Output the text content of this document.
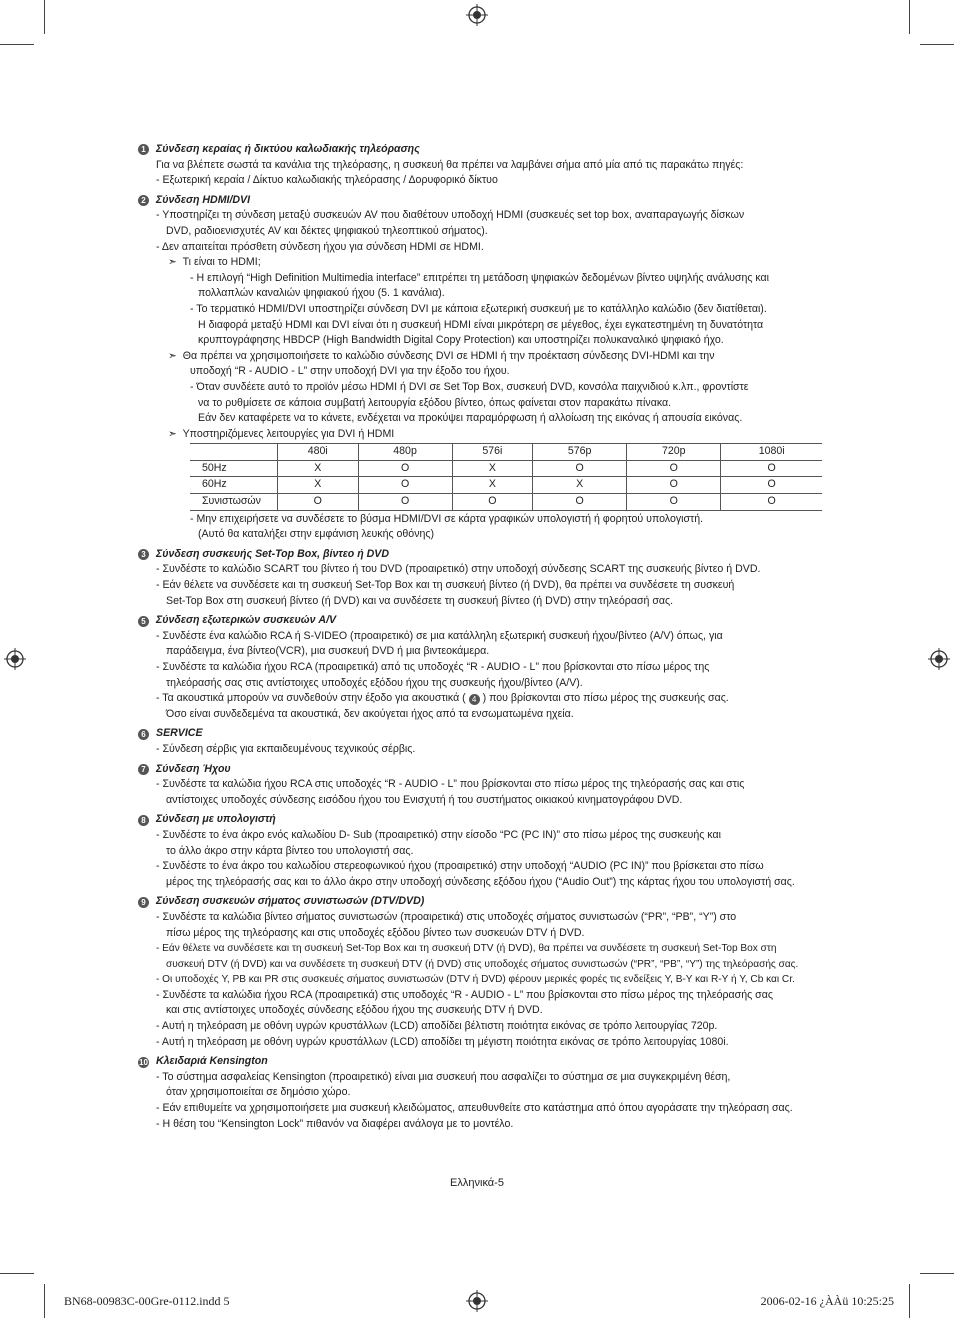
1 Σύνδεση κεραίας ή δικτύου καλωδιακής τηλεόρασης
Για να βλέπετε σωστά τα κανάλια της τηλεόρασης, η συσκευή θα πρέπει να λαμβάνει σήμα από μία από τις παρακάτω πηγές:
- Εξωτερική κεραία / Δίκτυο καλωδιακής τηλεόρασης / Δορυφορικό δίκτυο
2 Σύνδεση HDMI/DVI
- Υποστηρίζει τη σύνδεση μεταξύ συσκευών AV που διαθέτουν υποδοχή HDMI (συσκευές set top box, αναπαραγωγής δίσκων
DVD, ραδιοενισχυτές AV και δέκτες ψηφιακού τηλεοπτικού σήματος).
- Δεν απαιτείται πρόσθετη σύνδεση ήχου για σύνδεση HDMI σε HDMI.
➣ Τι είναι το HDMI;
- Η επιλογή “High Definition Multimedia interface” επιτρέπει τη μετάδοση ψηφιακών δεδομένων βίντεο υψηλής ανάλυσης και
πολλαπλών καναλιών ψηφιακού ήχου (5. 1 κανάλια).
- Το τερματικό HDMI/DVI υποστηρίζει σύνδεση DVI με κάποια εξωτερική συσκευή με το κατάλληλο καλώδιο (δεν διατίθεται).
Η διαφορά μεταξύ HDMI και DVI είναι ότι η συσκευή HDMI είναι μικρότερη σε μέγεθος, έχει εγκατεστημένη τη δυνατότητα
κρυπτογράφησης HBDCP (High Bandwidth Digital Copy Protection) και υποστηρίζει πολυκαναλικό ψηφιακό ήχο.
➣ Θα πρέπει να χρησιμοποιήσετε το καλώδιο σύνδεσης DVI σε HDMI ή την προέκταση σύνδεσης DVI-HDMI και την
υποδοχή “R - AUDIO - L” στην υποδοχή DVI για την έξοδο του ήχου.
- Όταν συνδέετε αυτό το προϊόν μέσω HDMI ή DVI σε Set Top Box, συσκευή DVD, κονσόλα παιχνιδιού κ.λπ., φροντίστε
να το ρυθμίσετε σε κάποια συμβατή λειτουργία εξόδου βίντεο, όπως φαίνεται στον παρακάτω πίνακα.
Εάν δεν καταφέρετε να το κάνετε, ενδέχεται να προκύψει παραμόρφωση ή αλλοίωση της εικόνας ή απουσία εικόνας.
➣ Υποστηριζόμενες λειτουργίες για DVI ή HDMI
	480i	480p	576i	576p	720p	1080i
50Hz	X	O	X	O	O	O
60Hz	X	O	X	X	O	O
Συνιστωσών	O	O	O	O	O	O
- Μην επιχειρήσετε να συνδέσετε το βύσμα HDMI/DVI σε κάρτα γραφικών υπολογιστή ή φορητού υπολογιστή.
(Αυτό θα καταλήξει στην εμφάνιση λευκής οθόνης)
3 Σύνδεση συσκευής Set-Top Box, βίντεο ή DVD
- Συνδέστε το καλώδιο SCART του βίντεο ή του DVD (προαιρετικό) στην υποδοχή σύνδεσης SCART της συσκευής βίντεο ή DVD.
- Εάν θέλετε να συνδέσετε και τη συσκευή Set-Top Box και τη συσκευή βίντεο (ή DVD), θα πρέπει να συνδέσετε τη συσκευή
Set-Top Box στη συσκευή βίντεο (ή DVD) και να συνδέσετε τη συσκευή βίντεο (ή DVD) στην τηλεόρασή σας.
5 Σύνδεση εξωτερικών συσκευών A/V
- Συνδέστε ένα καλώδιο RCA ή S-VIDEO (προαιρετικό) σε μια κατάλληλη εξωτερική συσκευή ήχου/βίντεο (A/V) όπως, για
παράδειγμα, ένα βίντεο(VCR), μια συσκευή DVD ή μια βιντεοκάμερα.
- Συνδέστε τα καλώδια ήχου RCA (προαιρετικά) από τις υποδοχές “R - AUDIO - L” που βρίσκονται στο πίσω μέρος της
τηλεόρασής σας στις αντίστοιχες υποδοχές εξόδου ήχου της συσκευής ήχου/βίντεο (A/V).
- Τα ακουστικά μπορούν να συνδεθούν στην έξοδο για ακουστικά ( 4 ) που βρίσκονται στο πίσω μέρος της συσκευής σας.
Όσο είναι συνδεδεμένα τα ακουστικά, δεν ακούγεται ήχος από τα ενσωματωμένα ηχεία.
6 SERVICE
- Σύνδεση σέρβις για εκπαιδευμένους τεχνικούς σέρβις.
7 Σύνδεση Ήχου
- Συνδέστε τα καλώδια ήχου RCA στις υποδοχές “R - AUDIO - L” που βρίσκονται στο πίσω μέρος της τηλεόρασής σας και στις
αντίστοιχες υποδοχές σύνδεσης εισόδου ήχου του Ενισχυτή ή του συστήματος οικιακού κινηματογράφου DVD.
8 Σύνδεση με υπολογιστή
- Συνδέστε το ένα άκρο ενός καλωδίου D- Sub (προαιρετικό) στην είσοδο “PC (PC IN)” στο πίσω μέρος της συσκευής και
το άλλο άκρο στην κάρτα βίντεο του υπολογιστή σας.
- Συνδέστε το ένα άκρο του καλωδίου στερεοφωνικού ήχου (προαιρετικό) στην υποδοχή “AUDIO (PC IN)” που βρίσκεται στο πίσω
μέρος της τηλεόρασής σας και το άλλο άκρο στην υποδοχή σύνδεσης εξόδου ήχου (“Audio Out”) της κάρτας ήχου του υπολογιστή σας.
9 Σύνδεση συσκευών σήματος συνιστωσών (DTV/DVD)
- Συνδέστε τα καλώδια βίντεο σήματος συνιστωσών (προαιρετικά) στις υποδοχές σήματος συνιστωσών (“PR”, “PB”, “Y”) στο
πίσω μέρος της τηλεόρασης και στις υποδοχές εξόδου βίντεο των συσκευών DTV ή DVD.
- Εάν θέλετε να συνδέσετε και τη συσκευή Set-Top Box και τη συσκευή DTV (ή DVD), θα πρέπει να συνδέσετε τη συσκευή Set-Top Box στη
συσκευή DTV (ή DVD) και να συνδέσετε τη συσκευή DTV (ή DVD) στις υποδοχές σήματος συνιστωσών (“PR”, “PB”, “Y”) της τηλεόρασής σας.
- Οι υποδοχές Y, PB και PR στις συσκευές σήματος συνιστωσών (DTV ή DVD) φέρουν μερικές φορές τις ενδείξεις Y, B-Y και R-Y ή Y, Cb και Cr.
- Συνδέστε τα καλώδια ήχου RCA (προαιρετικά) στις υποδοχές “R - AUDIO - L” που βρίσκονται στο πίσω μέρος της τηλεόρασής σας
και στις αντίστοιχες υποδοχές σύνδεσης εξόδου ήχου της συσκευής DTV ή DVD.
- Αυτή η τηλεόραση με οθόνη υγρών κρυστάλλων (LCD) αποδίδει βέλτιστη ποιότητα εικόνας σε τρόπο λειτουργίας 720p.
- Αυτή η τηλεόραση με οθόνη υγρών κρυστάλλων (LCD) αποδίδει τη μέγιστη ποιότητα εικόνας σε τρόπο λειτουργίας 1080i.
10 Κλειδαριά Kensington
- Το σύστημα ασφαλείας Kensington (προαιρετικό) είναι μια συσκευή που ασφαλίζει το σύστημα σε μια συγκεκριμένη θέση,
όταν χρησιμοποιείται σε δημόσιο χώρο.
- Εάν επιθυμείτε να χρησιμοποιήσετε μια συσκευή κλειδώματος, απευθυνθείτε στο κατάστημα από όπου αγοράσατε την τηλεόραση σας.
- Η θέση του “Kensington Lock” πιθανόν να διαφέρει ανάλογα με το μοντέλο.
Ελληνικά-5
BN68-00983C-00Gre-0112.indd 5	2006-02-16 ¿ÀÀü 10:25:25
